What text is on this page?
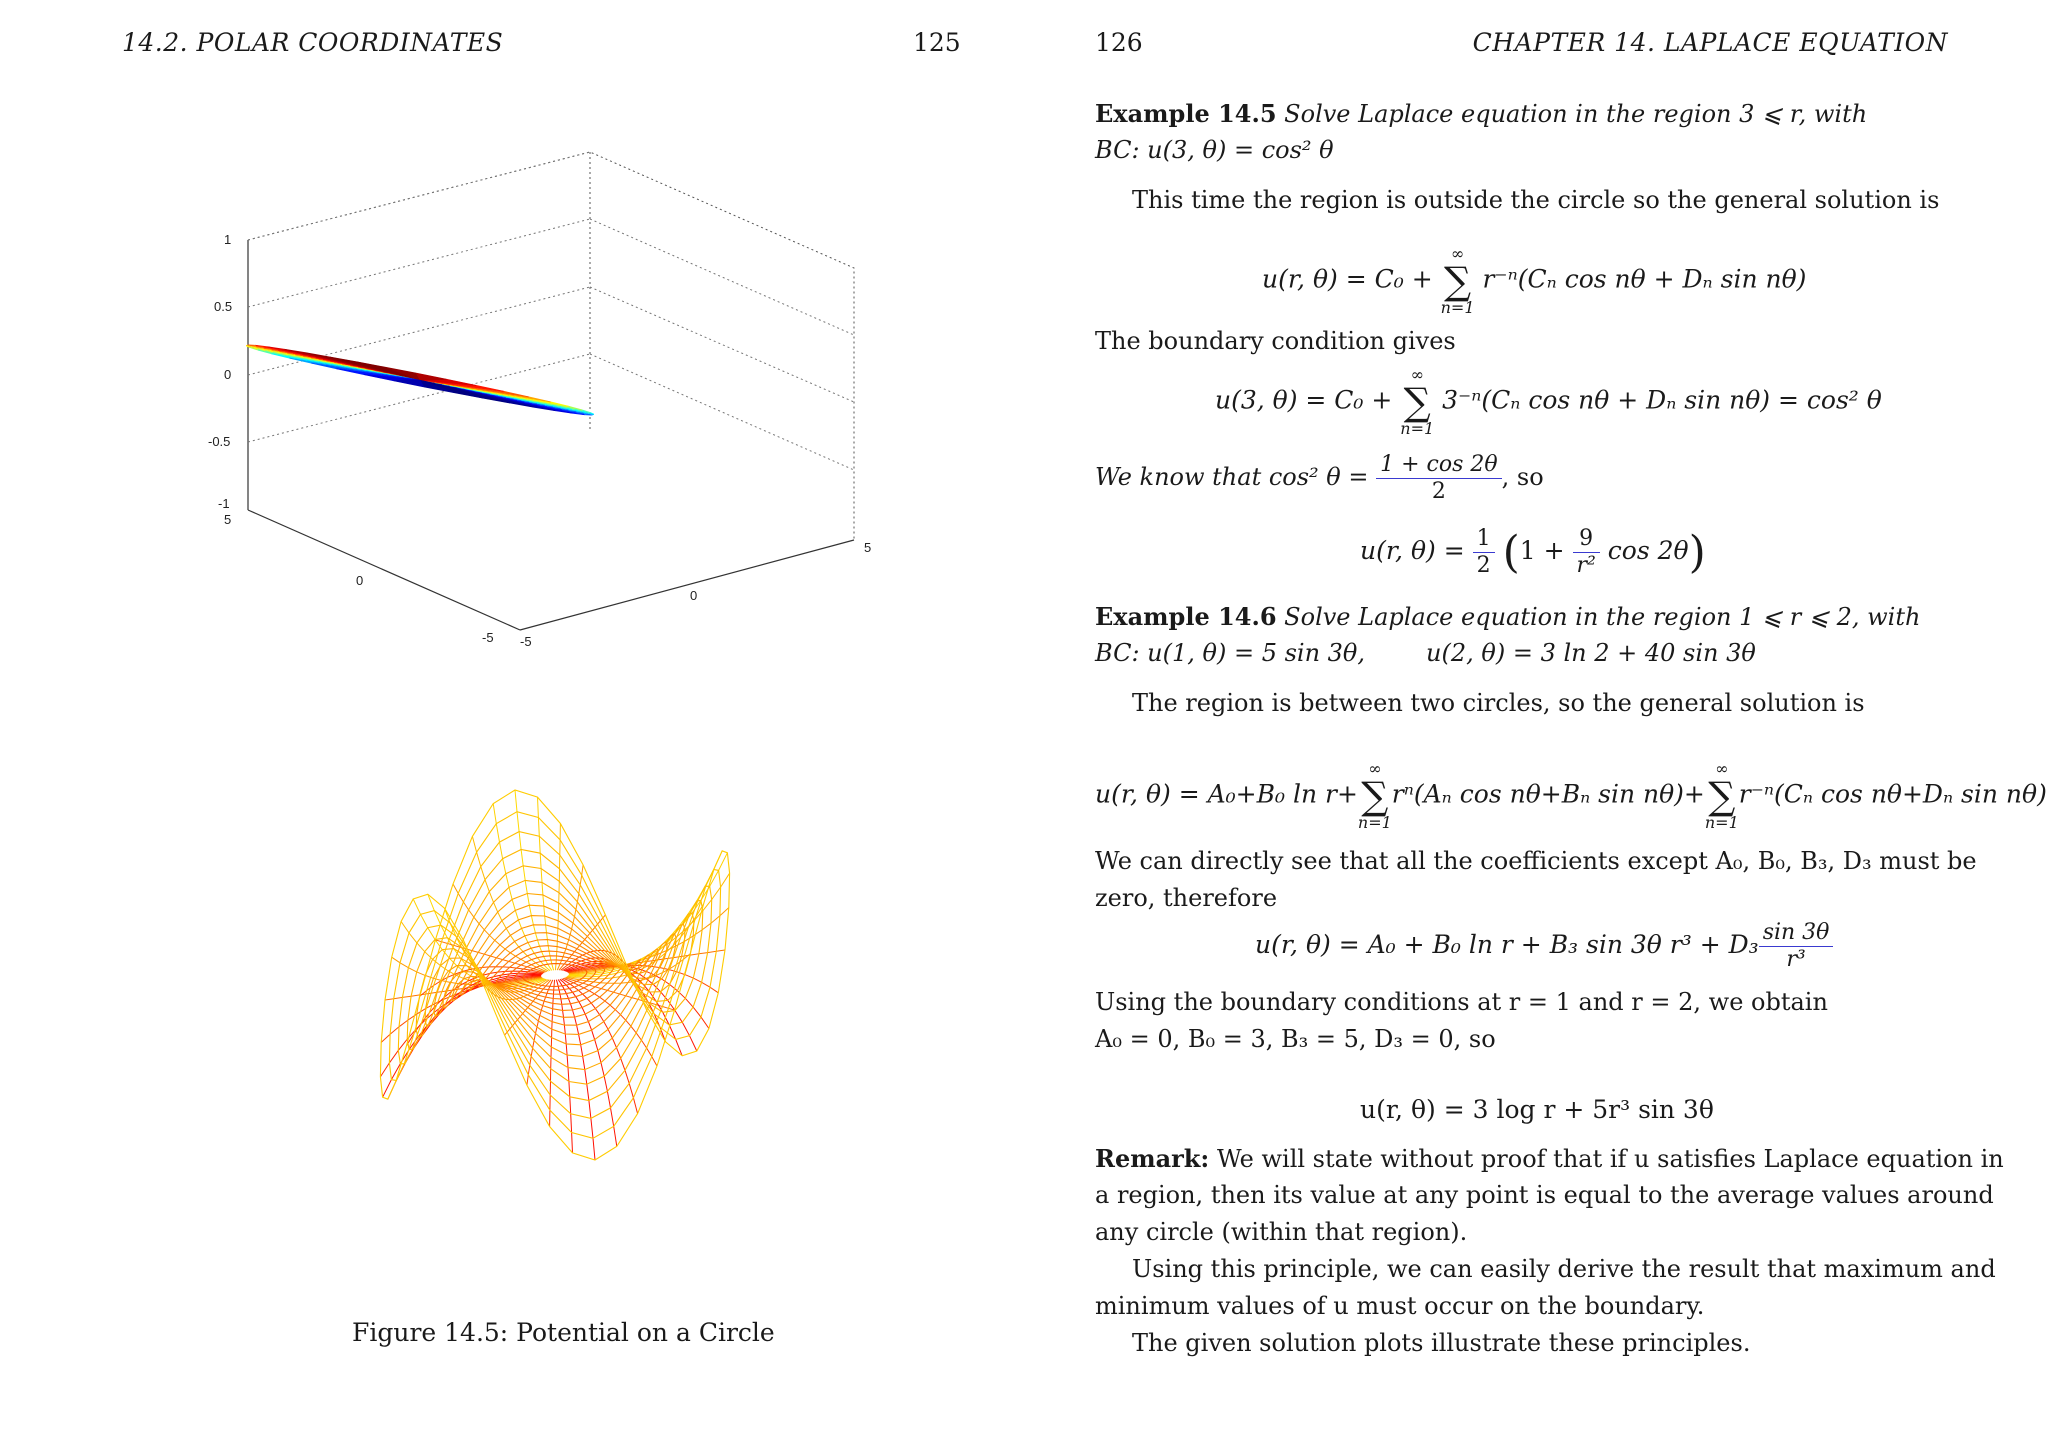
14.2. POLAR COORDINATES	125
1
0.5
0
-0.5
-1
5
0
-5 -5
0
5
Figure 14.5: Potential on a Circle
126	CHAPTER 14. LAPLACE EQUATION
Example 14.5 Solve Laplace equation in the region 3 ⩽ r, with
BC: u(3, θ) = cos² θ
This time the region is outside the circle so the general solution is
u(r, θ) = C₀ +
∞
∑
n=1
r⁻ⁿ(Cₙ cos nθ + Dₙ sin nθ)
The boundary condition gives
u(3, θ) = C₀ +
∞
∑
n=1
3⁻ⁿ(Cₙ cos nθ + Dₙ sin nθ) = cos² θ
We know that cos² $\theta = \frac{1 + \cos 2\theta}{2}$ , so
u(r, $\theta) = \frac{1}{2} (1 + \frac{9}{\text{r²}}$ cos 2θ)
Example 14.6 Solve Laplace equation in the region 1 ⩽ r ⩽ 2, with
BC: u(1, θ) = 5 sin 3θ,        u(2, θ) = 3 ln 2 + 40 sin 3θ
The region is between two circles, so the general solution is
u(r, θ) = A₀+B₀ ln r+
∞
∑
n=1
rⁿ(Aₙ cos nθ+Bₙ sin nθ)+
∞
∑
n=1
r⁻ⁿ(Cₙ cos nθ+Dₙ sin nθ)
We can directly see that all the coefficients except A₀, B₀, B₃, D₃ must be
zero, therefore
u(r, θ) = A₀ + B₀ ln r + B₃ sin 3θ $r^3 + D_3 \frac{\sin 3\theta}{\text{r³}}$
Using the boundary conditions at r = 1 and r = 2, we obtain
A₀ = 0, B₀ = 3, B₃ = 5, D₃ = 0, so
u(r, θ) = 3 log r + 5r³ sin 3θ
Remark: We will state without proof that if u satisfies Laplace equation in
a region, then its value at any point is equal to the average values around
any circle (within that region).
Using this principle, we can easily derive the result that maximum and
minimum values of u must occur on the boundary.
The given solution plots illustrate these principles.
